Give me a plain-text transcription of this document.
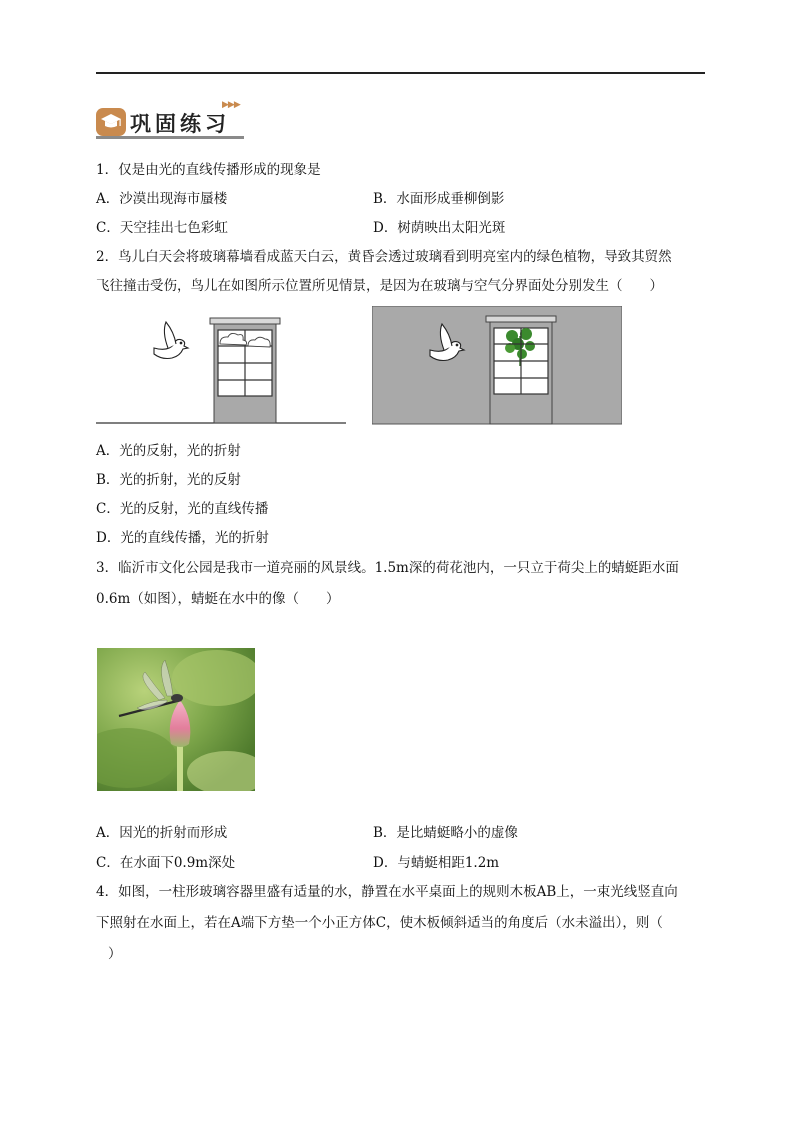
巩固练习
▶▶▶
1．仅是由光的直线传播形成的现象是
A．沙漠出现海市蜃楼	B．水面形成垂柳倒影
C．天空挂出七色彩虹	D．树荫映出太阳光斑
2．鸟儿白天会将玻璃幕墙看成蓝天白云，黄昏会透过玻璃看到明亮室内的绿色植物，导致其贸然
飞往撞击受伤，鸟儿在如图所示位置所见情景，是因为在玻璃与空气分界面处分别发生（　　）
A．光的反射，光的折射
B．光的折射，光的反射
C．光的反射，光的直线传播
D．光的直线传播，光的折射
3．临沂市文化公园是我市一道亮丽的风景线。1.5m深的荷花池内，一只立于荷尖上的蜻蜓距水面
0.6m（如图），蜻蜓在水中的像（　　）
A．因光的折射而形成	B．是比蜻蜓略小的虚像
C．在水面下0.9m深处	D．与蜻蜓相距1.2m
4．如图，一柱形玻璃容器里盛有适量的水，静置在水平桌面上的规则木板AB上，一束光线竖直向
下照射在水面上，若在A端下方垫一个小正方体C，使木板倾斜适当的角度后（水未溢出），则（
）
